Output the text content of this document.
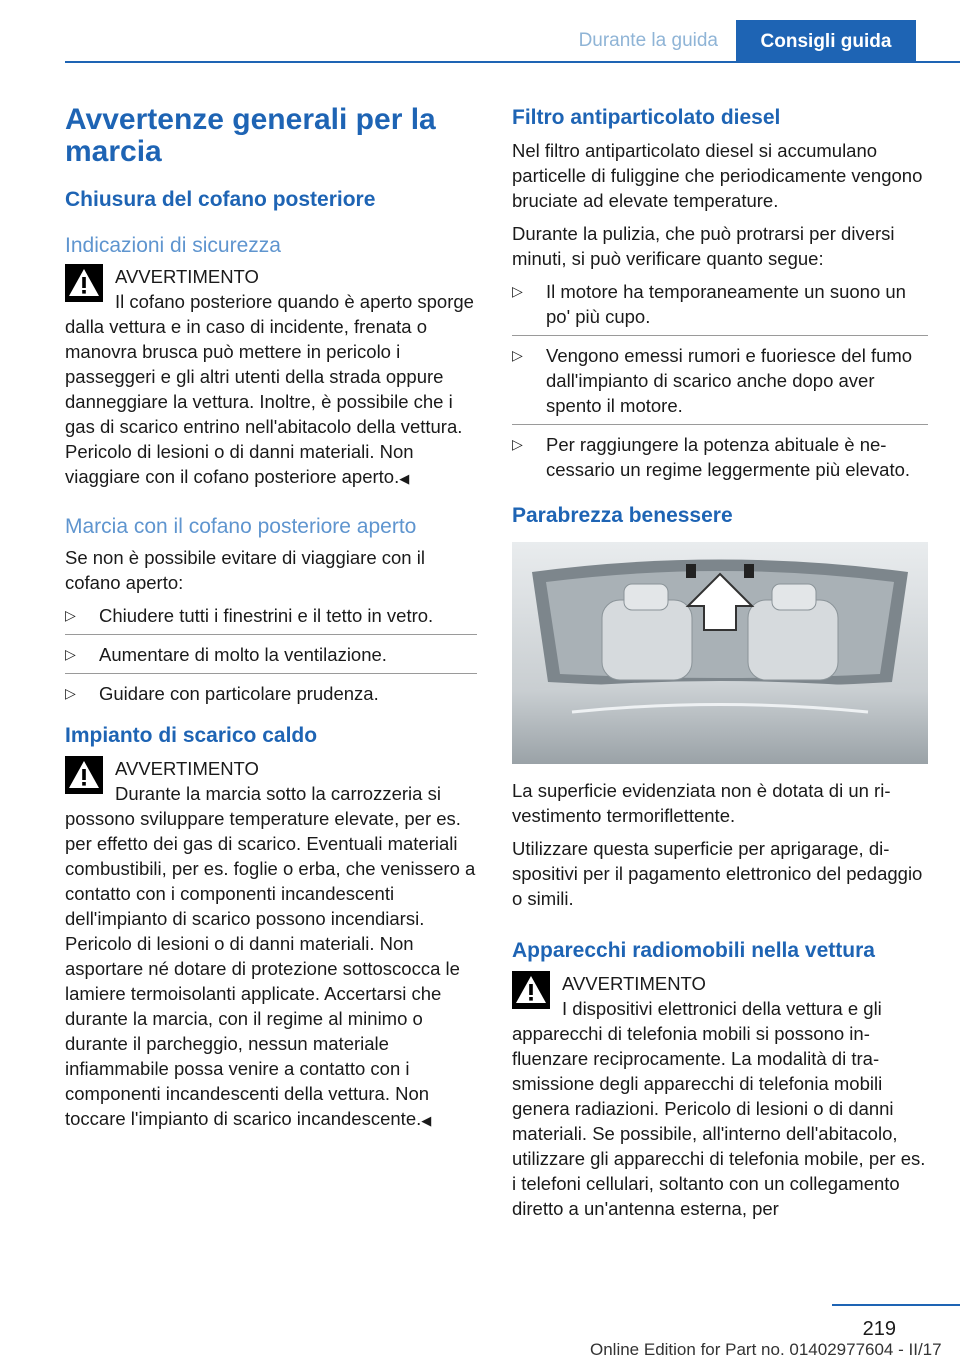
Durante la guida	Consigli guida
Avvertenze generali per la marcia
Chiusura del cofano posteriore
Indicazioni di sicurezza
AVVERTIMENTO
Il cofano posteriore quando è aperto sporge dalla vettura e in caso di incidente, frenata o manovra brusca può mettere in pericolo i passeggeri e gli altri utenti della strada oppure danneggiare la vettura. Inoltre, è possibile che i gas di scarico entrino nell'abitacolo della vettura. Pericolo di lesioni o di danni materiali. Non viaggiare con il cofano posteriore aperto.◀
Marcia con il cofano posteriore aperto

Se non è possibile evitare di viaggiare con il cofano aperto:

▷ Chiudere tutti i finestrini e il tetto in vetro.
▷ Aumentare di molto la ventilazione.
▷ Guidare con particolare prudenza.
Impianto di scarico caldo
AVVERTIMENTO
Durante la marcia sotto la carrozzeria si possono sviluppare temperature elevate, per es. per effetto dei gas di scarico. Eventuali materiali combustibili, per es. foglie o erba, che venissero a contatto con i componenti incandescenti dell'impianto di scarico possono incendiarsi. Pericolo di lesioni o di danni materiali. Non asportare né dotare di protezione sottoscocca le lamiere termoisolanti applicate. Accertarsi che durante la marcia, con il regime al minimo o durante il parcheggio, nessun materiale infiammabile possa venire a contatto con i componenti incandescenti della vettura. Non toccare l'impianto di scarico incandescente.◀
Filtro antiparticolato diesel

Nel filtro antiparticolato diesel si accumulano particelle di fuliggine che periodicamente vengono bruciate ad elevate temperature.

Durante la pulizia, che può protrarsi per diversi minuti, si può verificare quanto segue:

▷ Il motore ha temporaneamente un suono un po' più cupo.
▷ Vengono emessi rumori e fuoriesce del fumo dall'impianto di scarico anche dopo aver spento il motore.
▷ Per raggiungere la potenza abituale è necessario un regime leggermente più elevato.
Parabrezza benessere

La superficie evidenziata non è dotata di un rivestimento termoriflettente.

Utilizzare questa superficie per aprigarage, dispositivi per il pagamento elettronico del pedaggio o simili.

Apparecchi radiomobili nella vettura
AVVERTIMENTO
I dispositivi elettronici della vettura e gli apparecchi di telefonia mobili si possono influenzare reciprocamente. La modalità di trasmissione degli apparecchi di telefonia mobili genera radiazioni. Pericolo di lesioni o di danni materiali. Se possibile, all'interno dell'abitacolo, utilizzare gli apparecchi di telefonia mobile, per es. i telefoni cellulari, soltanto con un collegamento diretto a un'antenna esterna, per
219
Online Edition for Part no. 01402977604 - II/17
